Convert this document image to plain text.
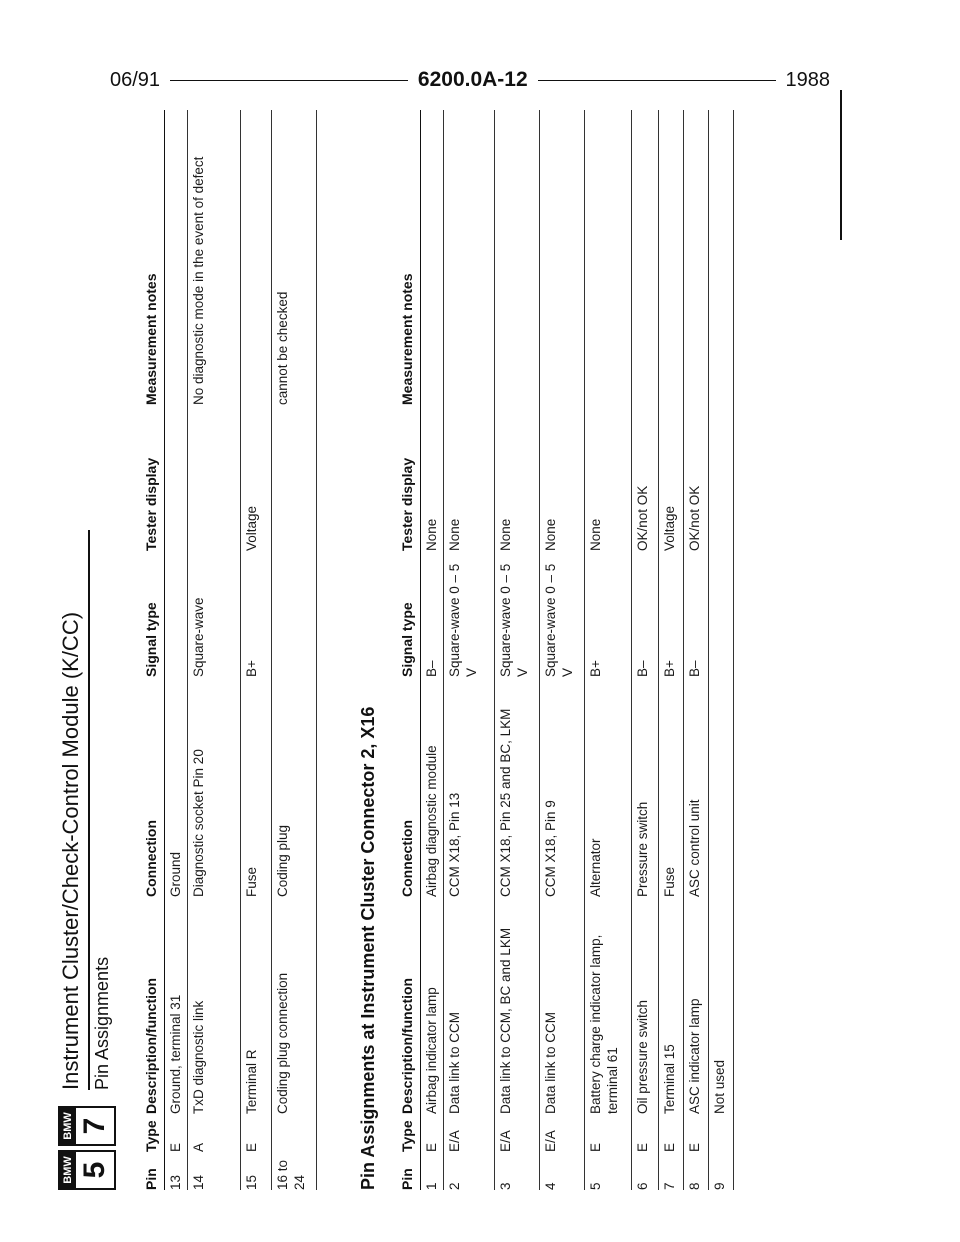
06/91	6200.0A-12	1988
BMW 5
BMW 7
Instrument Cluster/Check-Control Module (K/CC) Pin Assignments
Pin
Type
Description/function
Connection
Signal type
Tester display
Measurement notes
13
E
Ground, terminal 31
Ground
14
A
TxD diagnostic link
Diagnostic socket Pin 20
Square-wave
No diagnostic mode in the event of defect
15
E
Terminal R
Fuse
B+
Voltage
16 to 24
Coding plug connection
Coding plug
cannot be checked
Pin Assignments at Instrument Cluster Connector 2, X16 Pin
Type
Description/function
Connection
Signal type
Tester display
Measurement notes
1
E
Airbag indicator lamp
Airbag diagnostic module
B–
None
2
E/A
Data link to CCM
CCM X18, Pin 13
Square-wave 0 – 5 V
None
3
E/A
Data link to CCM, BC and LKM
CCM X18, Pin 25 and BC, LKM
Square-wave 0 – 5 V
None
4
E/A
Data link to CCM
CCM X18, Pin 9
Square-wave 0 – 5 V
None
5
E
Battery charge indicator lamp, terminal 61
Alternator
B+
None
6
E
Oil pressure switch
Pressure switch
B–
OK/not OK
7
E
Terminal 15
Fuse
B+
Voltage
8
E
ASC indicator lamp
ASC control unit
B–
OK/not OK
9
Not used
